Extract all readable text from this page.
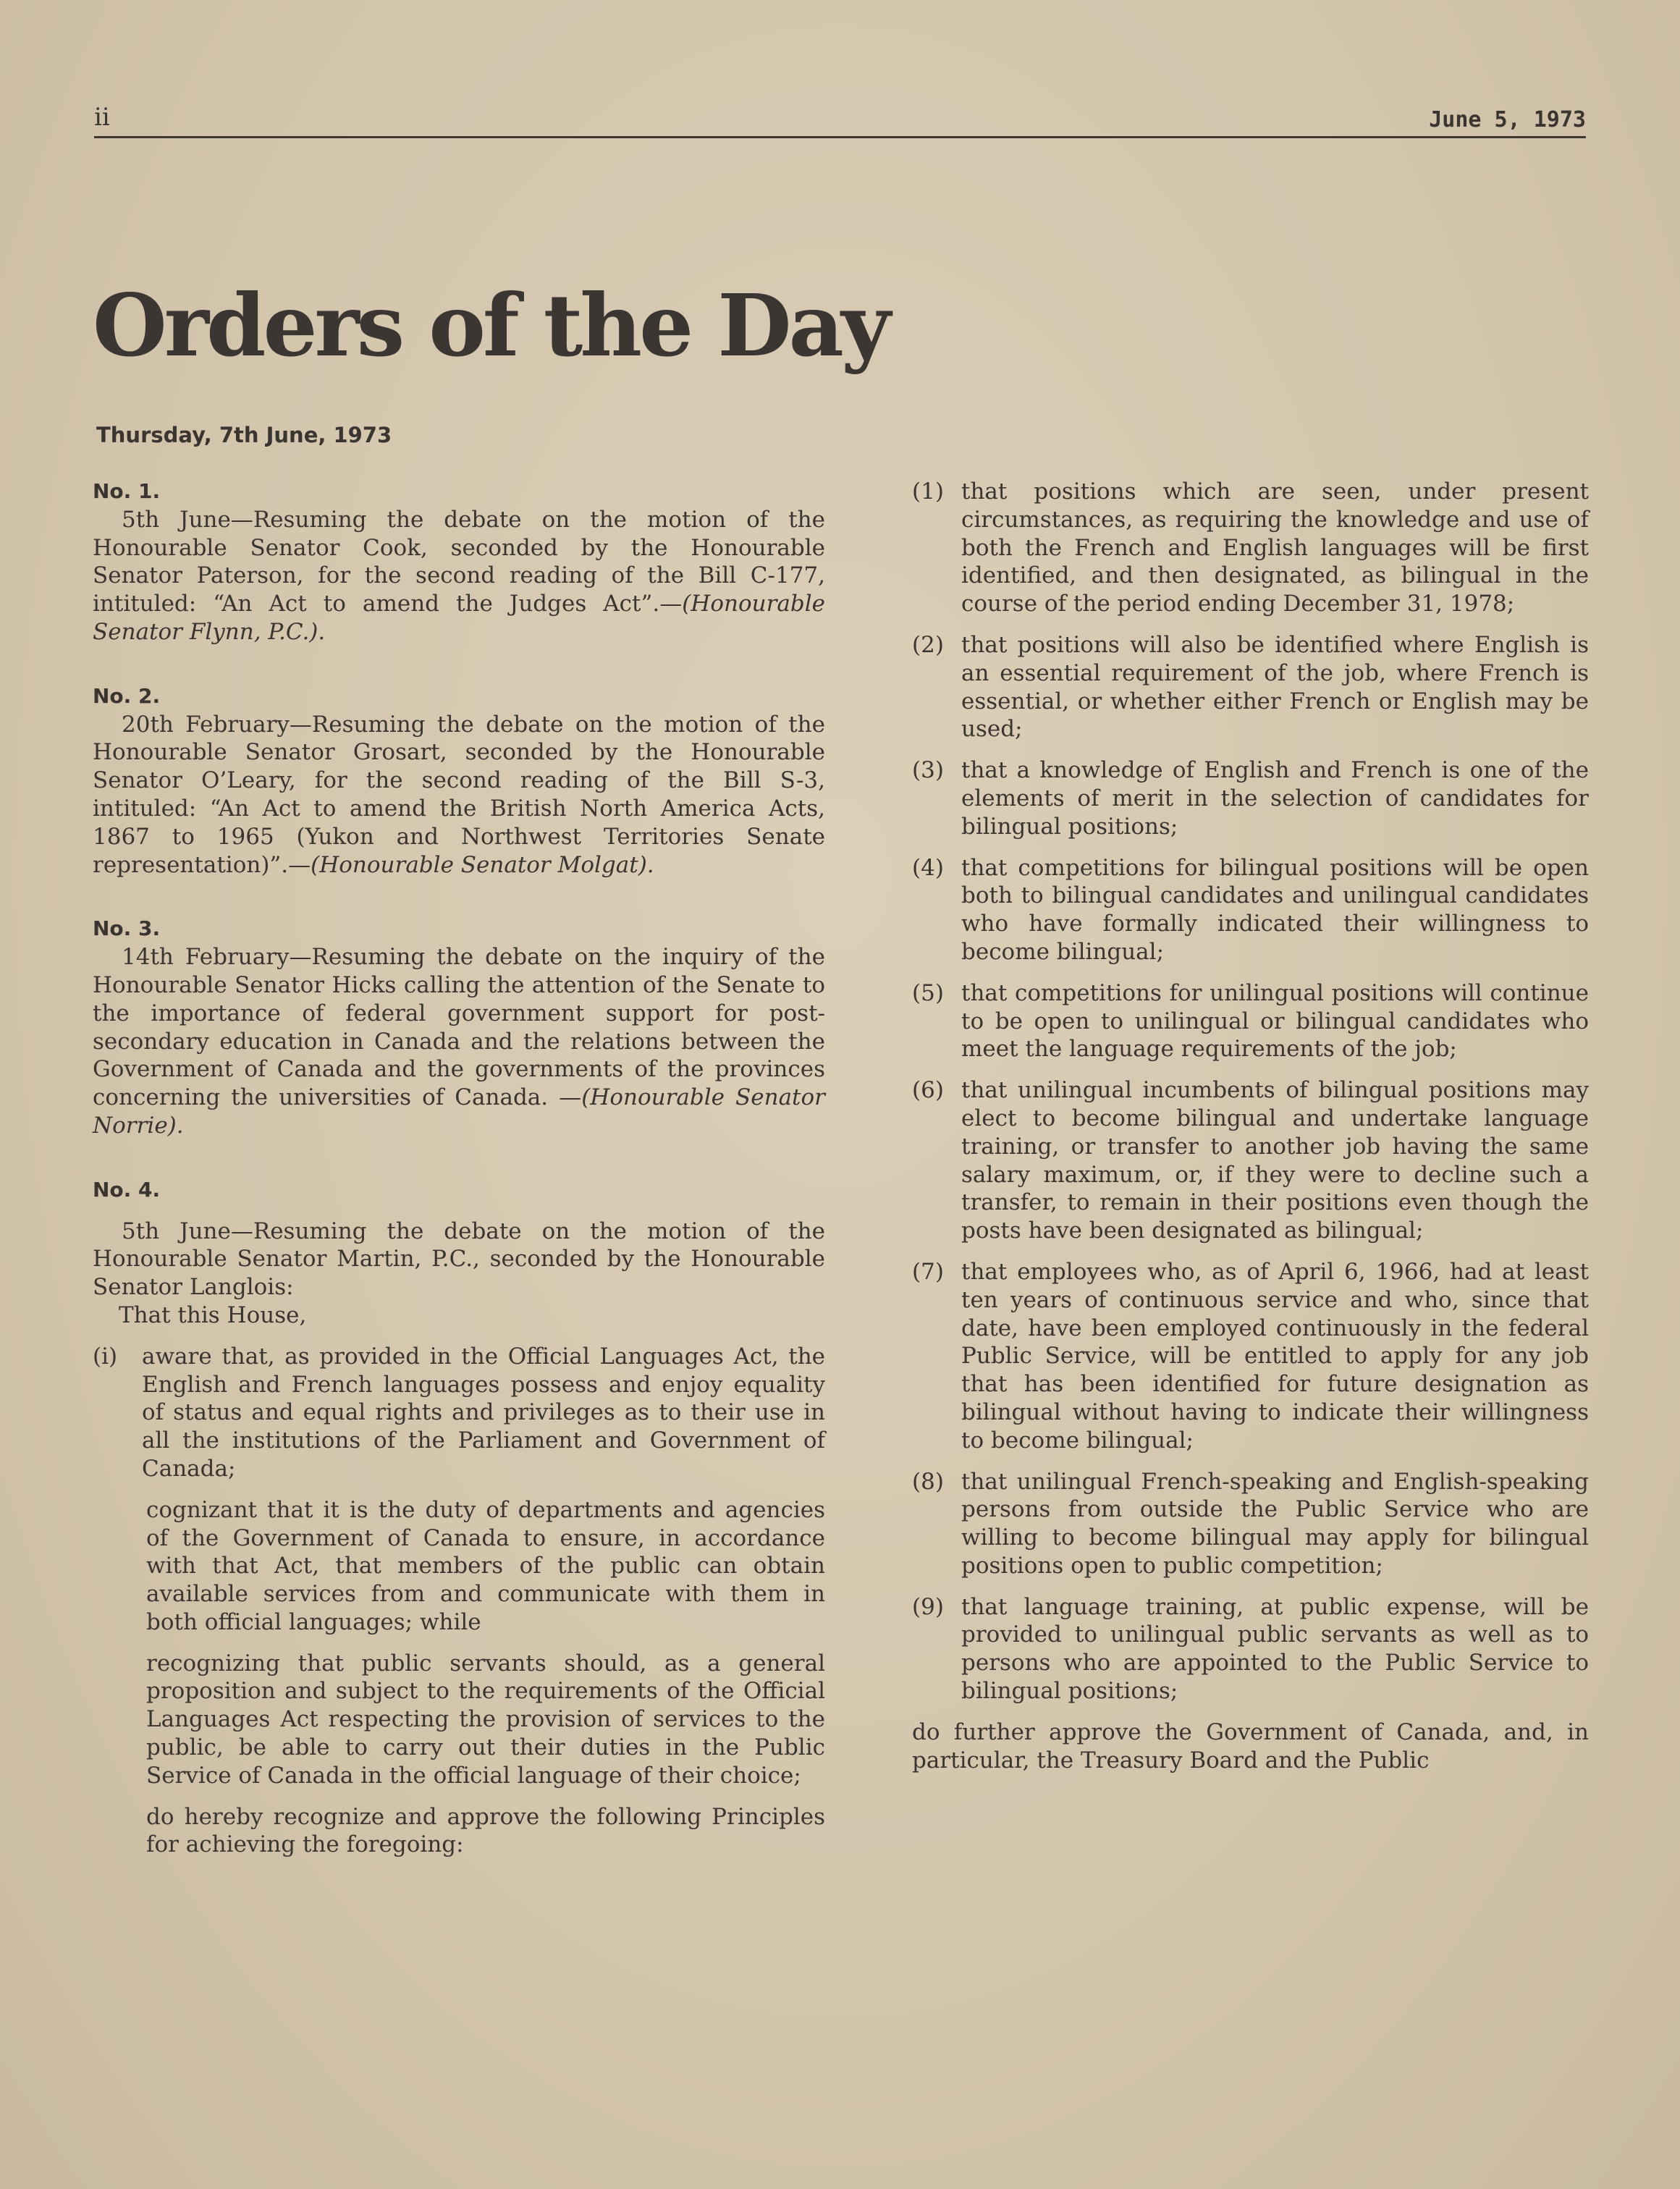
ii	June 5, 1973
Orders of the Day
Thursday, 7th June, 1973

No. 1.

5th June—Resuming the debate on the motion of the Honourable Senator Cook, seconded by the Honourable Senator Paterson, for the second reading of the Bill C-177, intituled: “An Act to amend the Judges Act”.—(Honourable Senator Flynn, P.C.).

No. 2.

20th February—Resuming the debate on the motion of the Honourable Senator Grosart, seconded by the Honourable Senator O’Leary, for the second reading of the Bill S-3, intituled: “An Act to amend the British North America Acts, 1867 to 1965 (Yukon and Northwest Territories Senate representation)”.—(Honourable Senator Molgat).

No. 3.

14th February—Resuming the debate on the inquiry of the Honourable Senator Hicks calling the attention of the Senate to the importance of federal government support for post-secondary education in Canada and the relations between the Government of Canada and the governments of the provinces concerning the universities of Canada. —(Honourable Senator Norrie).

No. 4.

5th June—Resuming the debate on the motion of the Honourable Senator Martin, P.C., seconded by the Honourable Senator Langlois:

That this House,

(i)	aware that, as provided in the Official Languages Act, the English and French languages possess and enjoy equality of status and equal rights and privileges as to their use in all the institutions of the Parliament and Government of Canada;

cognizant that it is the duty of departments and agencies of the Government of Canada to ensure, in accordance with that Act, that members of the public can obtain available services from and communicate with them in both official languages; while

recognizing that public servants should, as a general proposition and subject to the requirements of the Official Languages Act respecting the provision of services to the public, be able to carry out their duties in the Public Service of Canada in the official language of their choice;

do hereby recognize and approve the following Principles for achieving the foregoing:

(1) that positions which are seen, under present circumstances, as requiring the knowledge and use of both the French and English languages will be first identified, and then designated, as bilingual in the course of the period ending December 31, 1978;
(2) that positions will also be identified where English is an essential requirement of the job, where French is essential, or whether either French or English may be used;
(3) that a knowledge of English and French is one of the elements of merit in the selection of candidates for bilingual positions;
(4) that competitions for bilingual positions will be open both to bilingual candidates and unilingual candidates who have formally indicated their willingness to become bilingual;
(5) that competitions for unilingual positions will continue to be open to unilingual or bilingual candidates who meet the language requirements of the job;
(6) that unilingual incumbents of bilingual positions may elect to become bilingual and undertake language training, or transfer to another job having the same salary maximum, or, if they were to decline such a transfer, to remain in their positions even though the posts have been designated as bilingual;
(7) that employees who, as of April 6, 1966, had at least ten years of continuous service and who, since that date, have been employed continuously in the federal Public Service, will be entitled to apply for any job that has been identified for future designation as bilingual without having to indicate their willingness to become bilingual;
(8) that unilingual French-speaking and English-speaking persons from outside the Public Service who are willing to become bilingual may apply for bilingual positions open to public competition;
(9) that language training, at public expense, will be provided to unilingual public servants as well as to persons who are appointed to the Public Service to bilingual positions;

do further approve the Government of Canada, and, in particular, the Treasury Board and the Public
